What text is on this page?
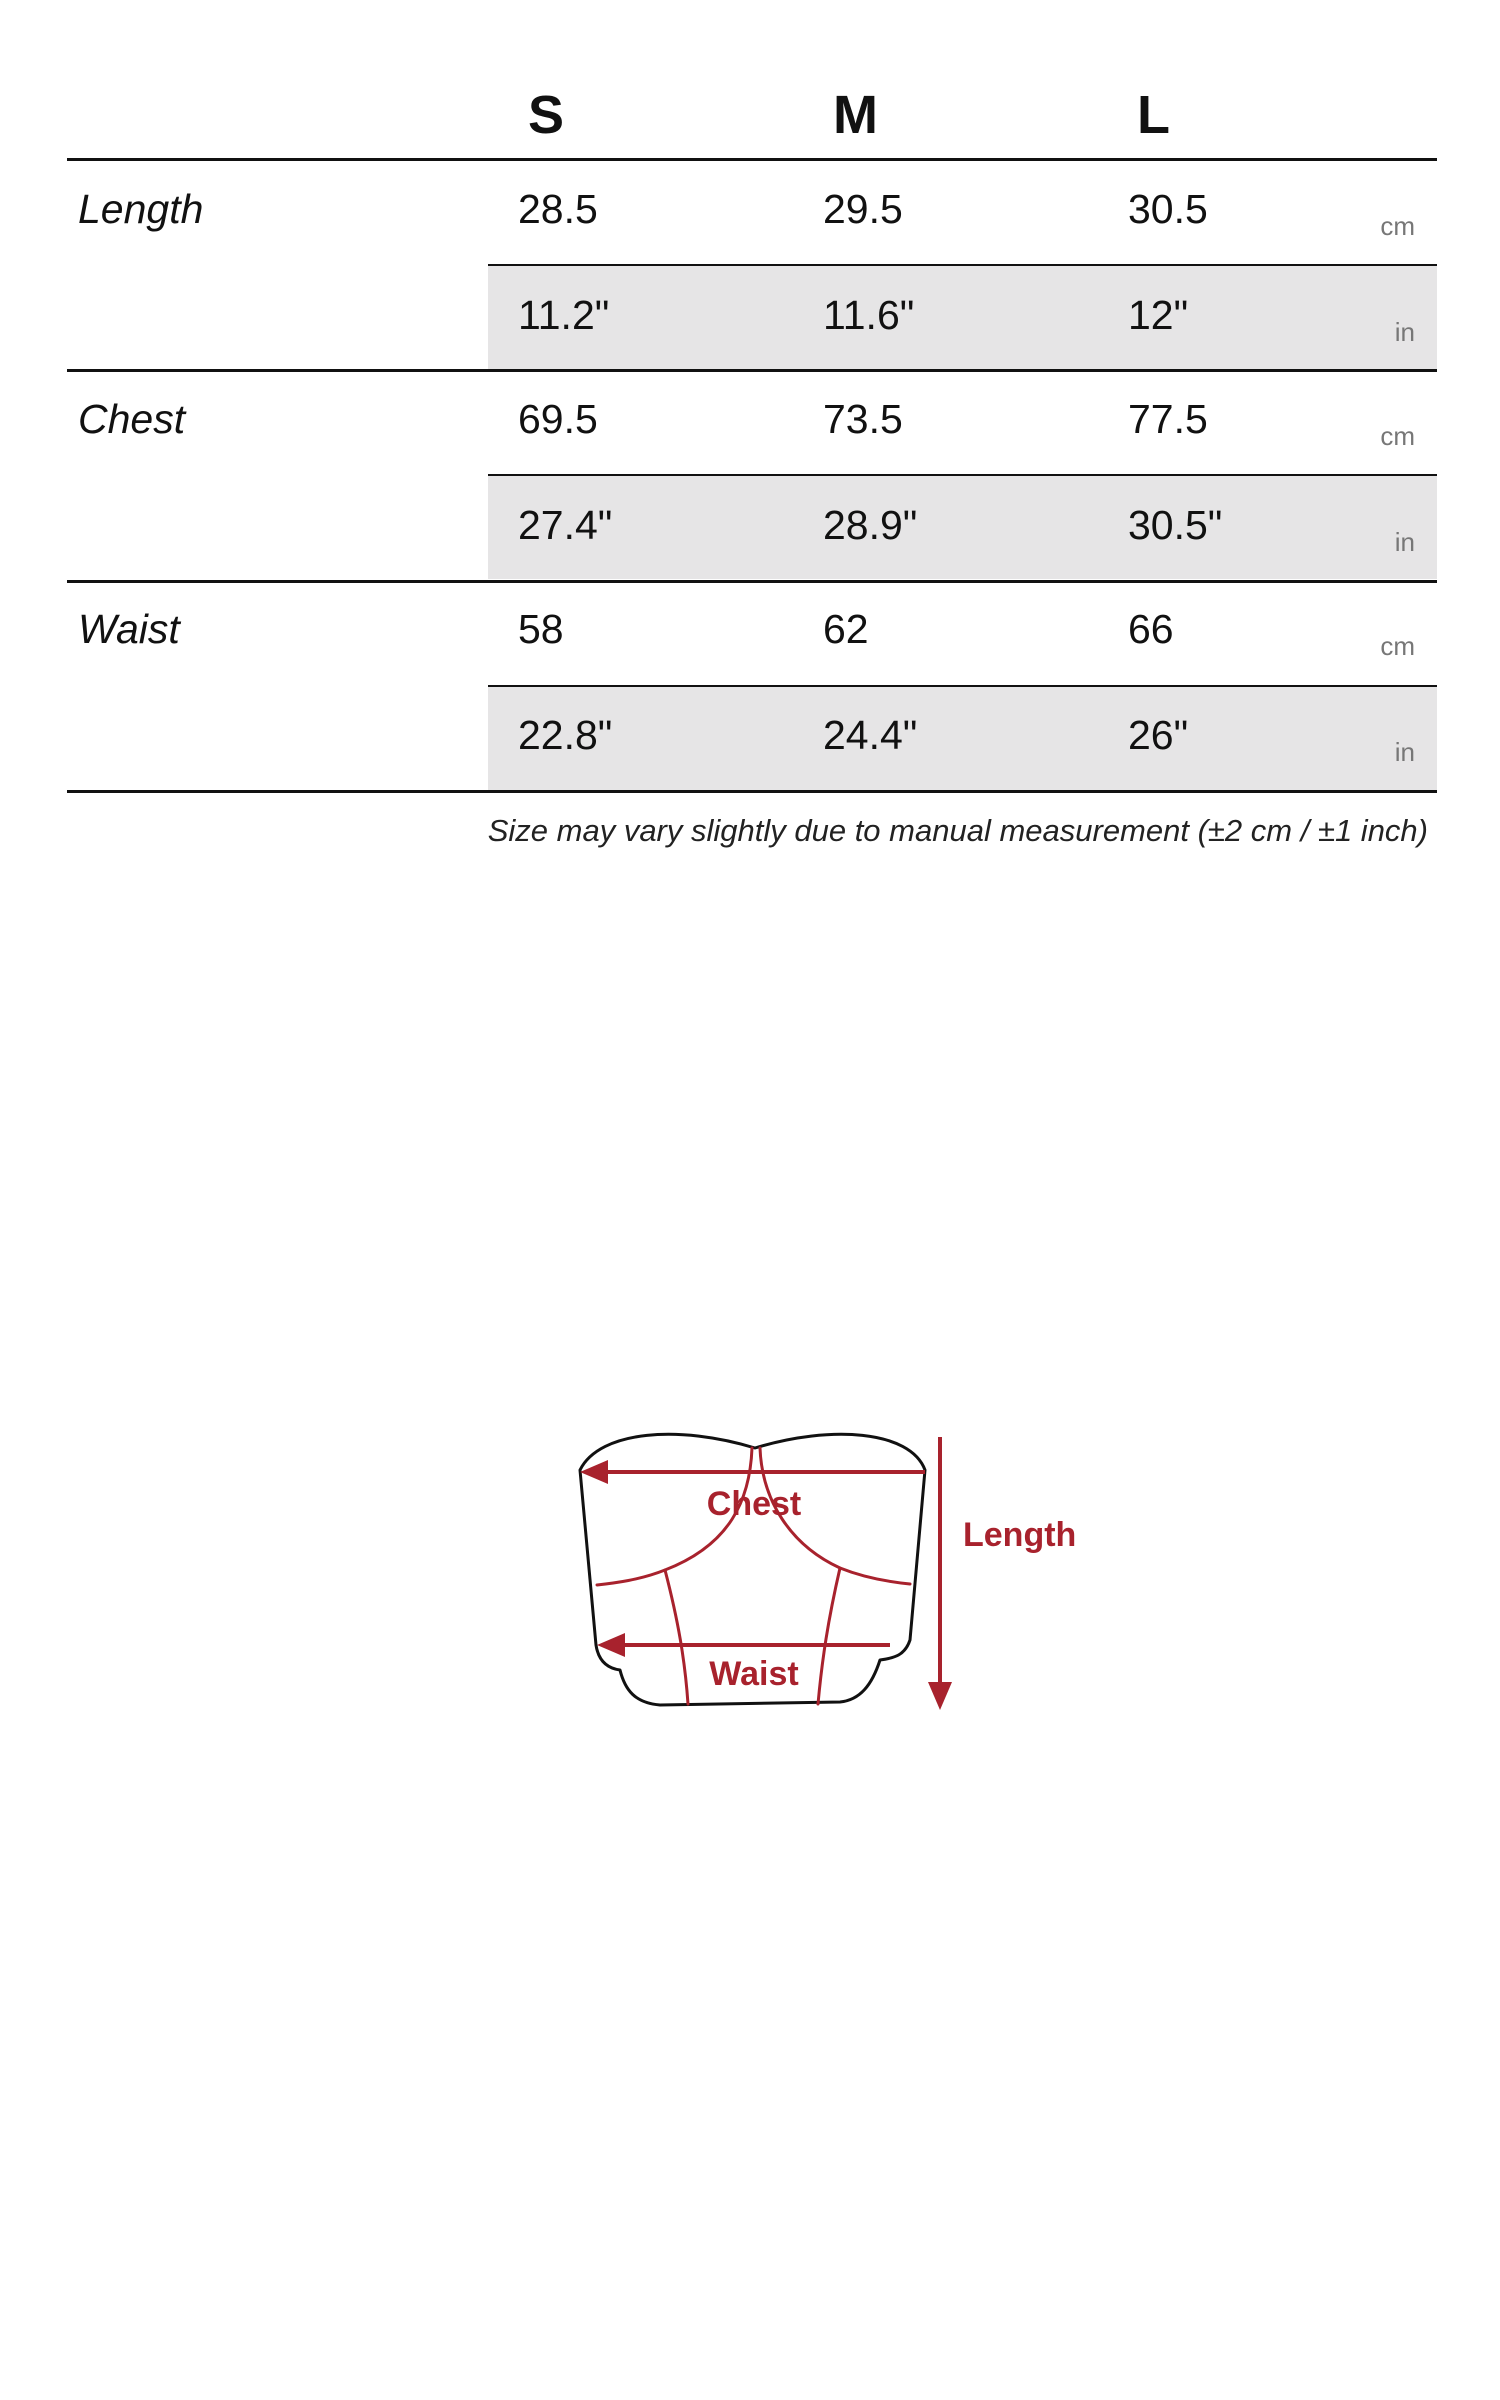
S	M	L
Length	28.5	29.5	30.5	cm
11.2"	11.6"	12"	in
Chest	69.5	73.5	77.5	cm
27.4"	28.9"	30.5"	in
Waist	58	62	66	cm
22.8"	24.4"	26"	in
Size may vary slightly due to manual measurement (±2 cm / ±1 inch)
Chest
Waist
Length
